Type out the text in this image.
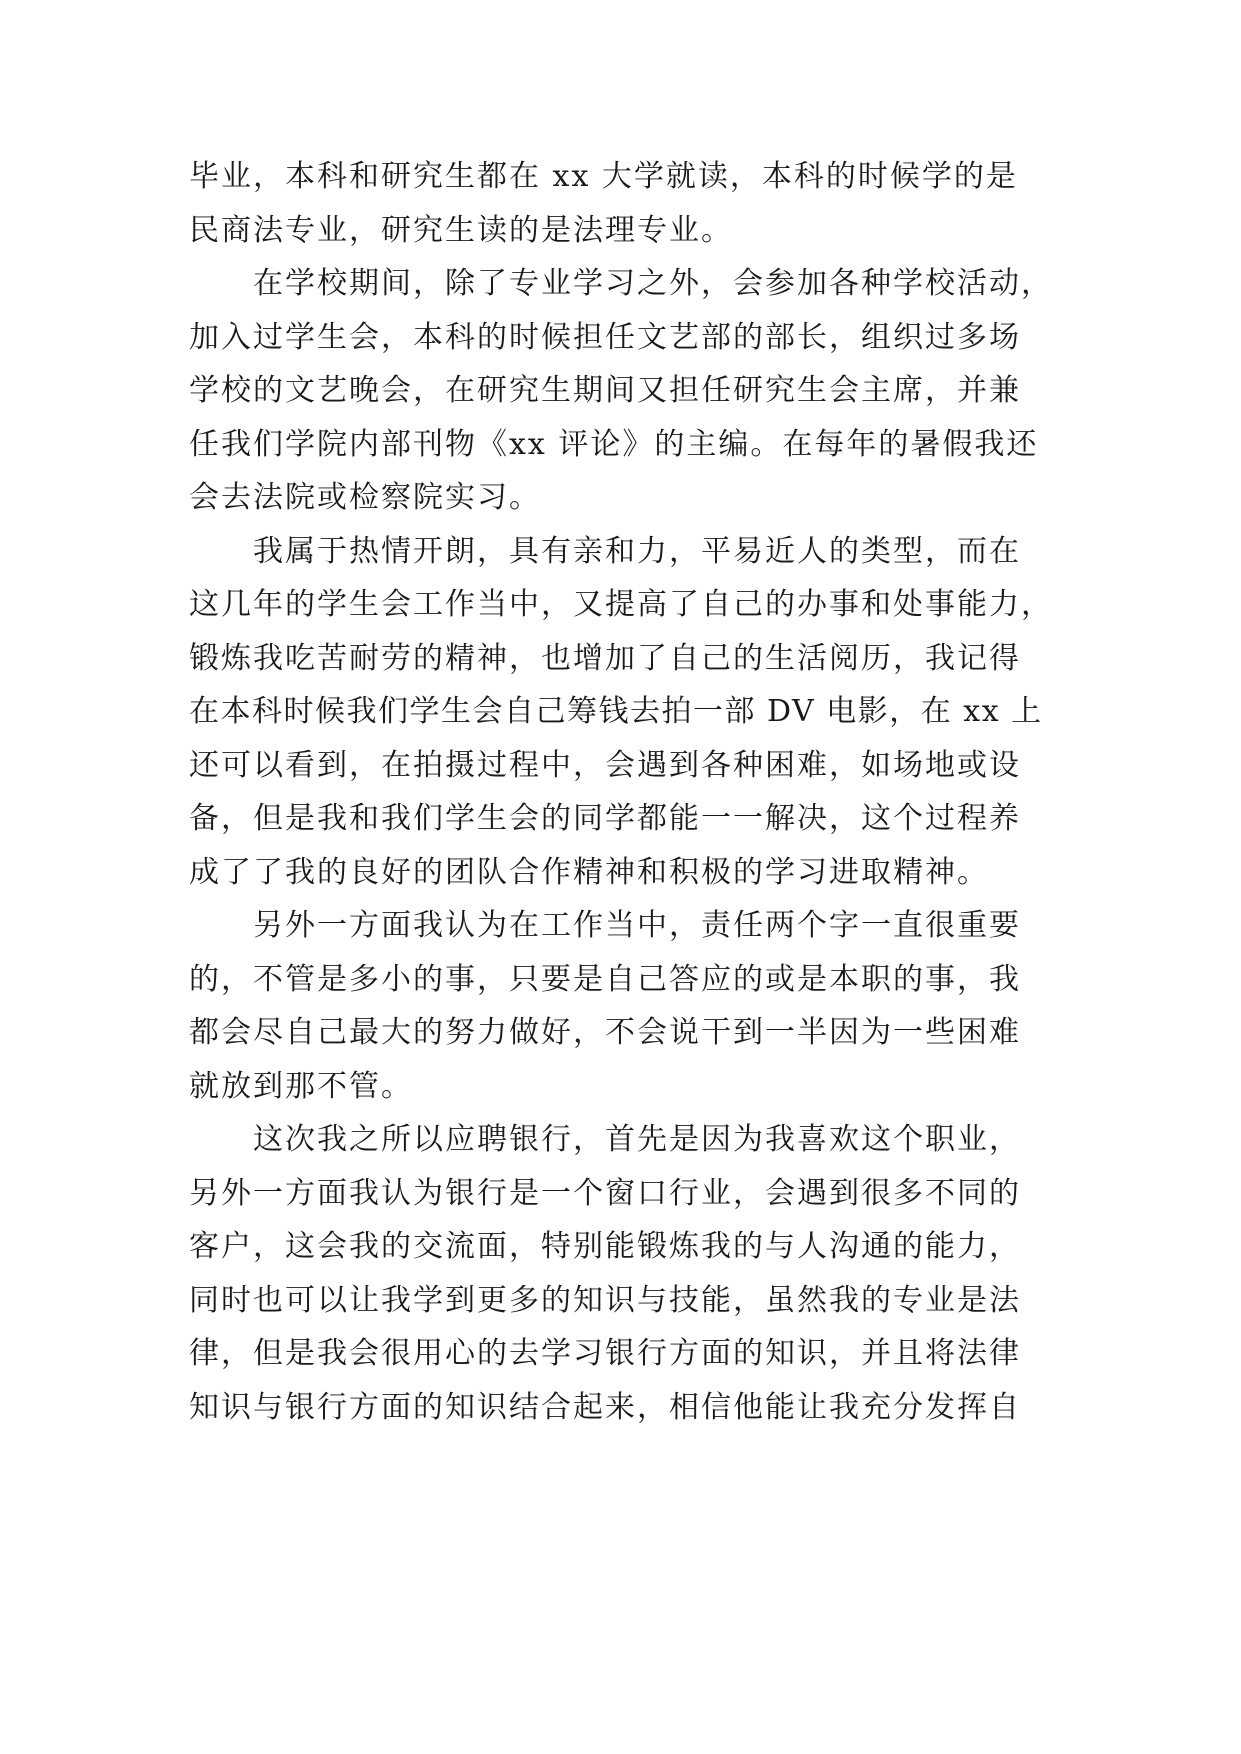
毕业，本科和研究生都在 xx 大学就读，本科的时候学的是
民商法专业，研究生读的是法理专业。
在学校期间，除了专业学习之外，会参加各种学校活动，
加入过学生会，本科的时候担任文艺部的部长，组织过多场
学校的文艺晚会，在研究生期间又担任研究生会主席，并兼
任我们学院内部刊物《xx 评论》的主编。在每年的暑假我还
会去法院或检察院实习。
我属于热情开朗，具有亲和力，平易近人的类型，而在
这几年的学生会工作当中，又提高了自己的办事和处事能力，
锻炼我吃苦耐劳的精神，也增加了自己的生活阅历，我记得
在本科时候我们学生会自己筹钱去拍一部 DV 电影，在 xx 上
还可以看到，在拍摄过程中，会遇到各种困难，如场地或设
备，但是我和我们学生会的同学都能一一解决，这个过程养
成了了我的良好的团队合作精神和积极的学习进取精神。
另外一方面我认为在工作当中，责任两个字一直很重要
的，不管是多小的事，只要是自己答应的或是本职的事，我
都会尽自己最大的努力做好，不会说干到一半因为一些困难
就放到那不管。
这次我之所以应聘银行，首先是因为我喜欢这个职业，
另外一方面我认为银行是一个窗口行业，会遇到很多不同的
客户，这会我的交流面，特别能锻炼我的与人沟通的能力，
同时也可以让我学到更多的知识与技能，虽然我的专业是法
律，但是我会很用心的去学习银行方面的知识，并且将法律
知识与银行方面的知识结合起来，相信他能让我充分发挥自
